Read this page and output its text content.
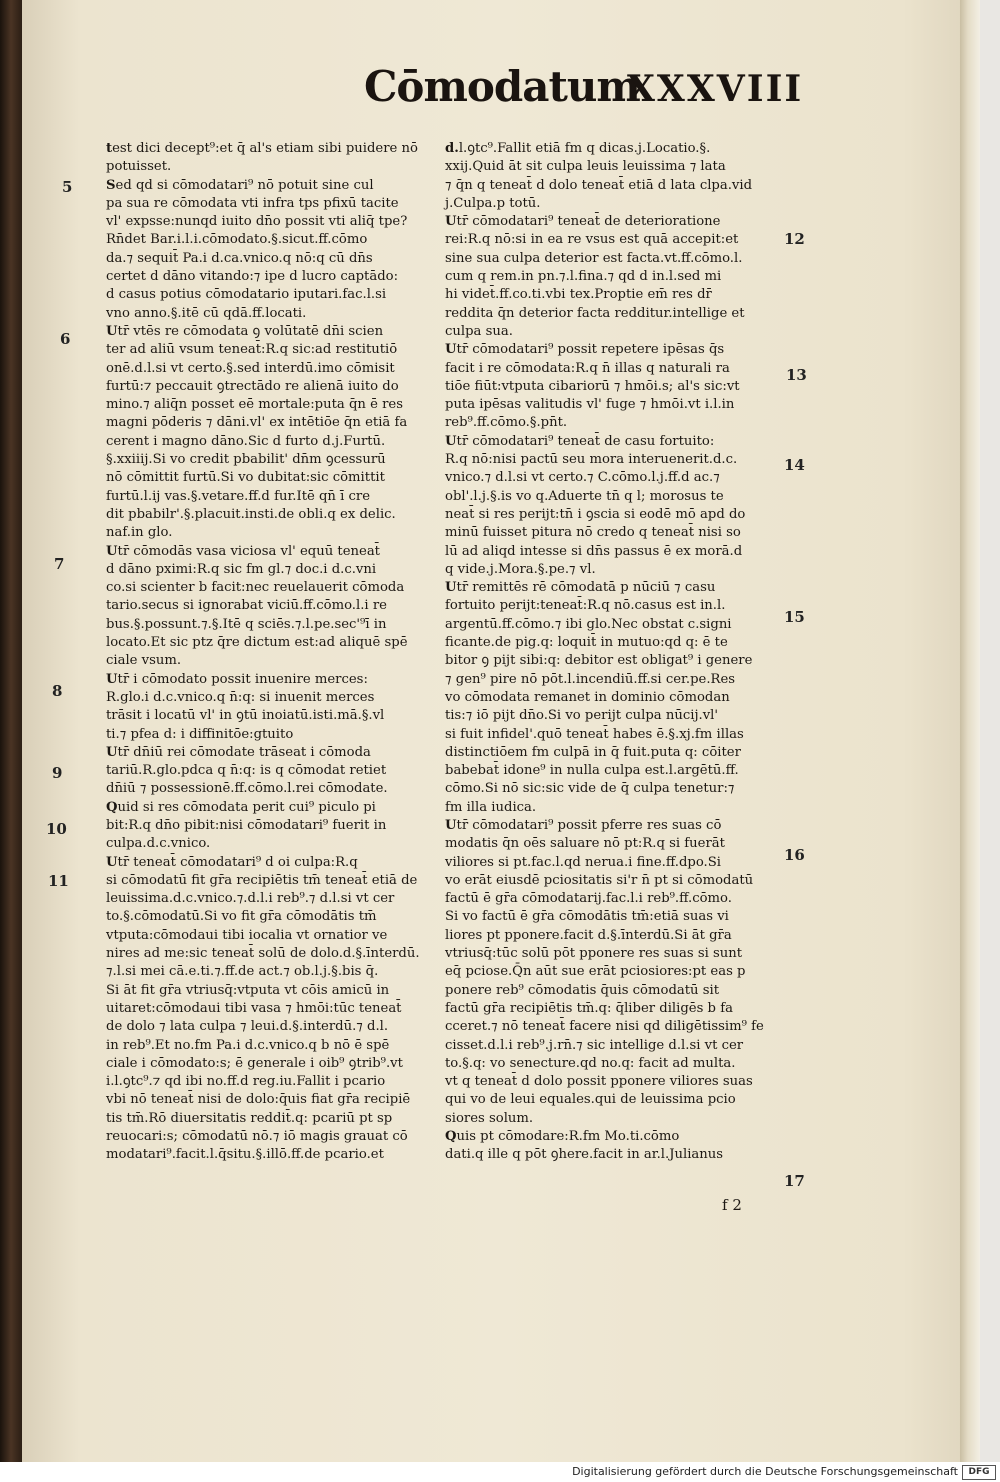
Cōmodatum
XXXVIII

test dici decept⁹:et q̄ al's etiam sibi puidere nō
potuisset.

Sed qd si cōmodatari⁹ nō potuit sine cul
pa sua re cōmodata vti infra tps pfixū tacite
vl' expsse:nunqd iuito dn̄o possit vti aliq̄ tpe?
Rn̄det Bar.i.l.i.cōmodato.§.sicut.ff.cōmo
da.⁊ sequit̄ Pa.i d.ca.vnico.q nō:q cū dn̄s
certet d dāno vitando:⁊ ipe d lucro captādo:
d casus potius cōmodatario iputari.fac.l.si
vno anno.§.itē cū qdā.ff.locati.

Utr̄ vtēs re cōmodata ꝯ volūtatē dn̄i scien
ter ad aliū vsum teneat̄:R.q sic:ad restitutiō
onē.d.l.si vt certo.§.sed interdū.imo cōmisit
furtū:⁊ peccauit ꝯtrectādo re alienā iuito do
mino.⁊ aliq̄n posset eē mortale:puta q̄n ē res
magni pōderis ⁊ dāni.vl' ex intētiōe q̄n etiā fa
cerent i magno dāno.Sic d furto d.j.Furtū.
§.xxiiij.Si vo credit pbabilit' dn̄m ꝯcessurū
nō cōmittit furtū.Si vo dubitat:sic cōmittit
furtū.l.ij vas.§.vetare.ff.d fur.Itē qn̄ ī cre
dit pbabilr'.§.placuit.insti.de obli.q ex delic.
naf.in glo.

Utr̄ cōmodās vasa viciosa vl' equū teneat̄
d dāno pximi:R.q sic fm gl.⁊ doc.i d.c.vni
co.si scienter b facit:nec reuelauerit cōmoda
tario.secus si ignorabat viciū.ff.cōmo.l.i re
bus.§.possunt.⁊.§.Itē q sciēs.⁊.l.pe.sec'⁹ī in
locato.Et sic ptz q̄re dictum est:ad aliquē spē
ciale vsum.

Utr̄ i cōmodato possit inuenire merces:
R.glo.i d.c.vnico.q n̄:q: si inuenit merces
trāsit i locatū vl' in ꝯtū inoiatū.isti.mā.§.vl
ti.⁊ pfea d: i diffinitōe:gtuito

Utr̄ dn̄iū rei cōmodate trāseat i cōmoda
tariū.R.glo.pdca q n̄:q: is q cōmodat retiet
dn̄iū ⁊ possessionē.ff.cōmo.l.rei cōmodate.

Quid si res cōmodata perit cui⁹ piculo pi
bit:R.q dn̄o pibit:nisi cōmodatari⁹ fuerit in
culpa.d.c.vnico.

Utr̄ teneat̄ cōmodatari⁹ d oi culpa:R.q
si cōmodatū fit gr̄a recipiētis tm̄ teneat̄ etiā de
leuissima.d.c.vnico.⁊.d.l.i reb⁹.⁊ d.l.si vt cer
to.§.cōmodatū.Si vo fit gr̄a cōmodātis tm̄
vtputa:cōmodaui tibi iocalia vt ornatior ve
nires ad me:sic teneat̄ solū de dolo.d.§.īnterdū.
⁊.l.si mei cā.e.ti.⁊.ff.de act.⁊ ob.l.j.§.bis q̄.
Si āt fit gr̄a vtriusq̄:vtputa vt cōis amicū in
uitaret:cōmodaui tibi vasa ⁊ hmōi:tūc teneat̄
de dolo ⁊ lata culpa ⁊ leui.d.§.interdū.⁊ d.l.
in reb⁹.Et no.fm Pa.i d.c.vnico.q b nō ē spē
ciale i cōmodato:s; ē generale i oib⁹ ꝯtrib⁹.vt
i.l.ꝯtc⁹.⁊ qd ibi no.ff.d reg.iu.Fallit i pcario
vbi nō teneat̄ nisi de dolo:q̄uis fiat gr̄a recipiē
tis tm̄.Rō diuersitatis reddit̄.q: pcariū pt sp
reuocari:s; cōmodatū nō.⁊ iō magis grauat cō
modatari⁹.facit.l.q̄situ.§.illō.ff.de pcario.et

5
6
7
8
9
10
11

d.l.ꝯtc⁹.Fallit etiā fm q dicas.j.Locatio.§.
xxij.Quid āt sit culpa leuis leuissima ⁊ lata
⁊ q̄n q teneat̄ d dolo teneat̄ etiā d lata clpa.vid
j.Culpa.p totū.

Utr̄ cōmodatari⁹ teneat̄ de deterioratione
rei:R.q nō:si in ea re vsus est quā accepit:et
sine sua culpa deterior est facta.vt.ff.cōmo.l.
cum q rem.in pn.⁊.l.fina.⁊ qd d in.l.sed mi
hi videt̄.ff.co.ti.vbi tex.Proptie em̄ res dr̄
reddita q̄n deterior facta redditur.intellige et
culpa sua.

Utr̄ cōmodatari⁹ possit repetere ipēsas q̄s
facit i re cōmodata:R.q n̄ illas q naturali ra
tiōe fiūt:vtputa cibariorū ⁊ hmōi.s; al's sic:vt
puta ipēsas valitudis vl' fuge ⁊ hmōi.vt i.l.in
reb⁹.ff.cōmo.§.pn̄t.

Utr̄ cōmodatari⁹ teneat̄ de casu fortuito:
R.q nō:nisi pactū seu mora interuenerit.d.c.
vnico.⁊ d.l.si vt certo.⁊ C.cōmo.l.j.ff.d ac.⁊
obl'.l.j.§.is vo q.Aduerte tn̄ q l; morosus te
neat̄ si res perijt:tn̄ i ꝯscia si eodē mō apd do
minū fuisset pitura nō credo q teneat̄ nisi so
lū ad aliqd intesse si dn̄s passus ē ex morā.d
q vide.j.Mora.§.pe.⁊ vl.

Utr̄ remittēs rē cōmodatā p nūciū ⁊ casu
fortuito perijt:teneat̄:R.q nō.casus est in.l.
argentū.ff.cōmo.⁊ ibi glo.Nec obstat c.signi
ficante.de pig.q: loquit̄ in mutuo:qd q: ē te
bitor ꝯ pijt sibi:q: debitor est obligat⁹ i genere
⁊ gen⁹ pire nō pōt.l.incendiū.ff.si cer.pe.Res
vo cōmodata remanet in dominio cōmodan
tis:⁊ iō pijt dn̄o.Si vo perijt culpa nūcij.vl'
si fuit infidel'.quō teneat̄ habes ē.§.xj.fm illas
distinctiōem fm culpā in q̄ fuit.puta q: cōiter
babebat̄ idone⁹ in nulla culpa est.l.argētū.ff.
cōmo.Si nō sic:sic vide de q̄ culpa tenetur:⁊
fm illa iudica.

Utr̄ cōmodatari⁹ possit pferre res suas cō
modatis q̄n oēs saluare nō pt:R.q si fuerāt
viliores si pt.fac.l.qd nerua.i fine.ff.dpo.Si
vo erāt eiusdē pciositatis si'r n̄ pt si cōmodatū
factū ē gr̄a cōmodatarij.fac.l.i reb⁹.ff.cōmo.
Si vo factū ē gr̄a cōmodātis tm̄:etiā suas vi
liores pt pponere.facit d.§.īnterdū.Si āt gr̄a
vtriusq̄:tūc solū pōt pponere res suas si sunt
eq̄ pciose.Q̄n aūt sue erāt pciosiores:pt eas p
ponere reb⁹ cōmodatis q̄uis cōmodatū sit
factū gr̄a recipiētis tm̄.q: q̄liber diligēs b fa
cceret.⁊ nō teneat̄ facere nisi qd diligētissim⁹ fe
cisset.d.l.i reb⁹.j.rn̄.⁊ sic intellige d.l.si vt cer
to.§.q: vo senecture.qd no.q: facit ad multa.
vt q teneat̄ d dolo possit pponere viliores suas
qui vo de leui equales.qui de leuissima pcio
siores solum.

Quis pt cōmodare:R.fm Mo.ti.cōmo
dati.q ille q pōt ꝯhere.facit in ar.l.Julianus

12
13
14
15
16
17
f 2
Digitalisierung gefördert durch die Deutsche Forschungsgemeinschaft	DFG
